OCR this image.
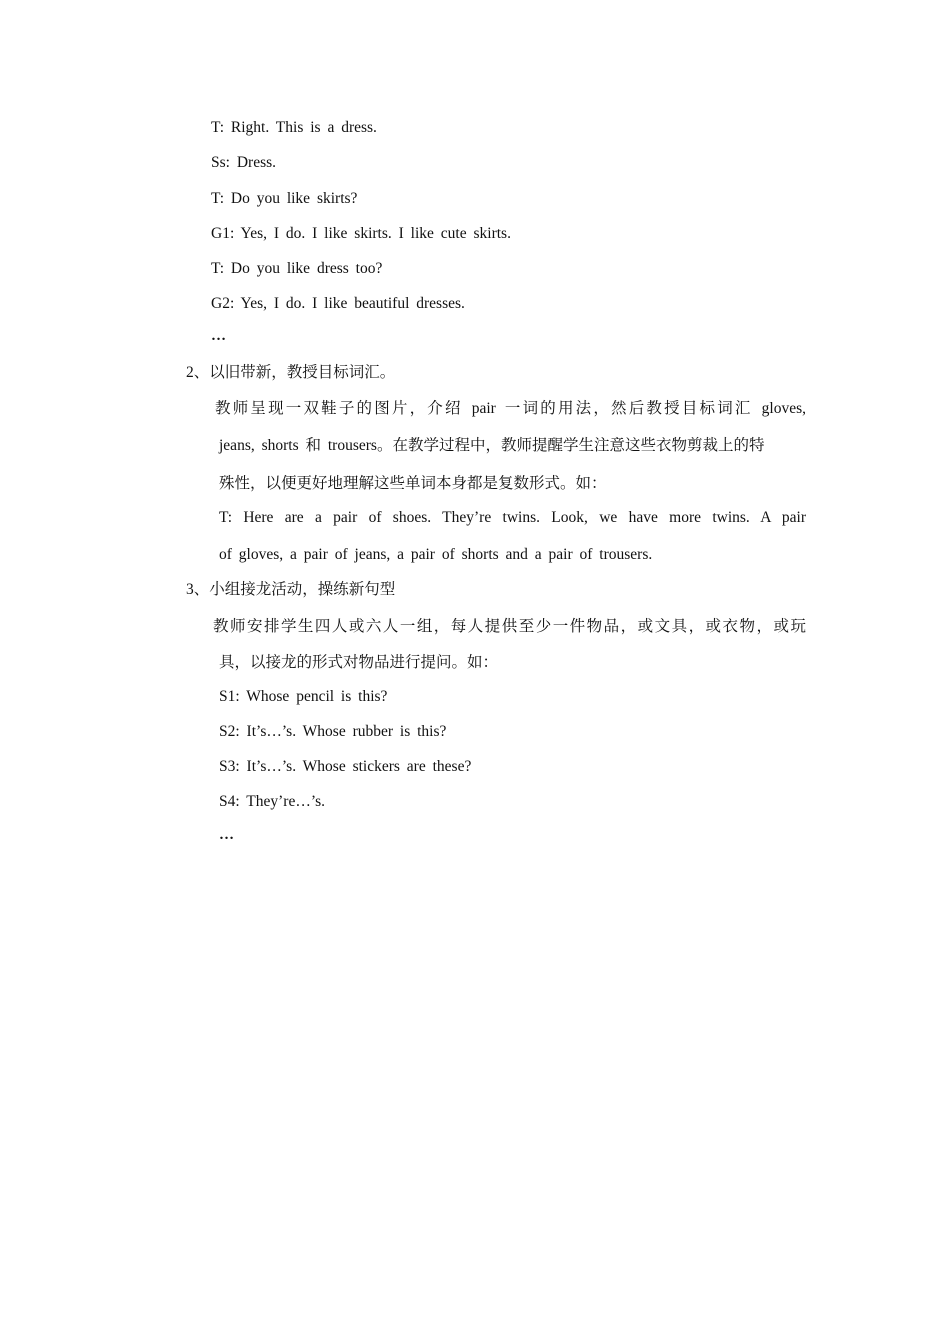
T: Right. This is a dress.
Ss: Dress.
T: Do you like skirts?
G1: Yes, I do. I like skirts. I like cute skirts.
T: Do you like dress too?
G2: Yes, I do. I like beautiful dresses.
…
2、以旧带新，教授目标词汇。
教师呈现一双鞋子的图片，介绍 pair 一词的用法，然后教授目标词汇 gloves,
jeans, shorts 和 trousers。在教学过程中，教师提醒学生注意这些衣物剪裁上的特
殊性，以便更好地理解这些单词本身都是复数形式。如：
T: Here are a pair of shoes. They’re twins. Look, we have more twins. A pair
of gloves, a pair of jeans, a pair of shorts and a pair of trousers.
3、小组接龙活动，操练新句型
教师安排学生四人或六人一组，每人提供至少一件物品，或文具，或衣物，或玩
具，以接龙的形式对物品进行提问。如：
S1: Whose pencil is this?
S2: It’s…’s. Whose rubber is this?
S3: It’s…’s. Whose stickers are these?
S4: They’re…’s.
…
